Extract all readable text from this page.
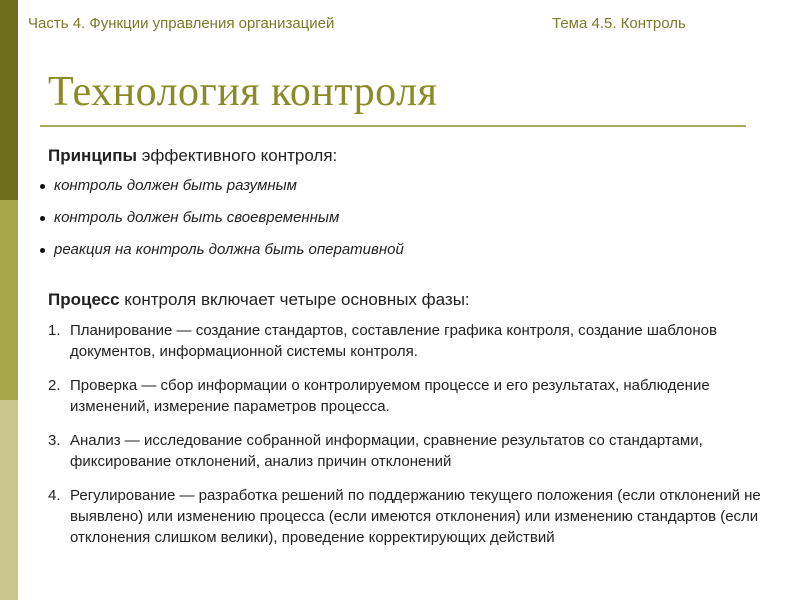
Часть 4. Функции управления организацией	Тема 4.5. Контроль
Технология контроля
Принципы эффективного контроля:
контроль должен быть разумным
контроль должен быть своевременным
реакция на контроль должна быть оперативной
Процесс контроля включает четыре основных фазы:
1. Планирование — создание стандартов, составление графика контроля, создание шаблонов документов, информационной системы контроля.
2. Проверка — сбор информации о контролируемом процессе и его результатах, наблюдение изменений, измерение параметров процесса.
3. Анализ — исследование собранной информации, сравнение результатов со стандартами, фиксирование отклонений, анализ причин отклонений
4. Регулирование — разработка решений по поддержанию текущего положения (если отклонений не выявлено) или изменению процесса (если имеются отклонения) или изменению стандартов (если отклонения слишком велики), проведение корректирующих действий
